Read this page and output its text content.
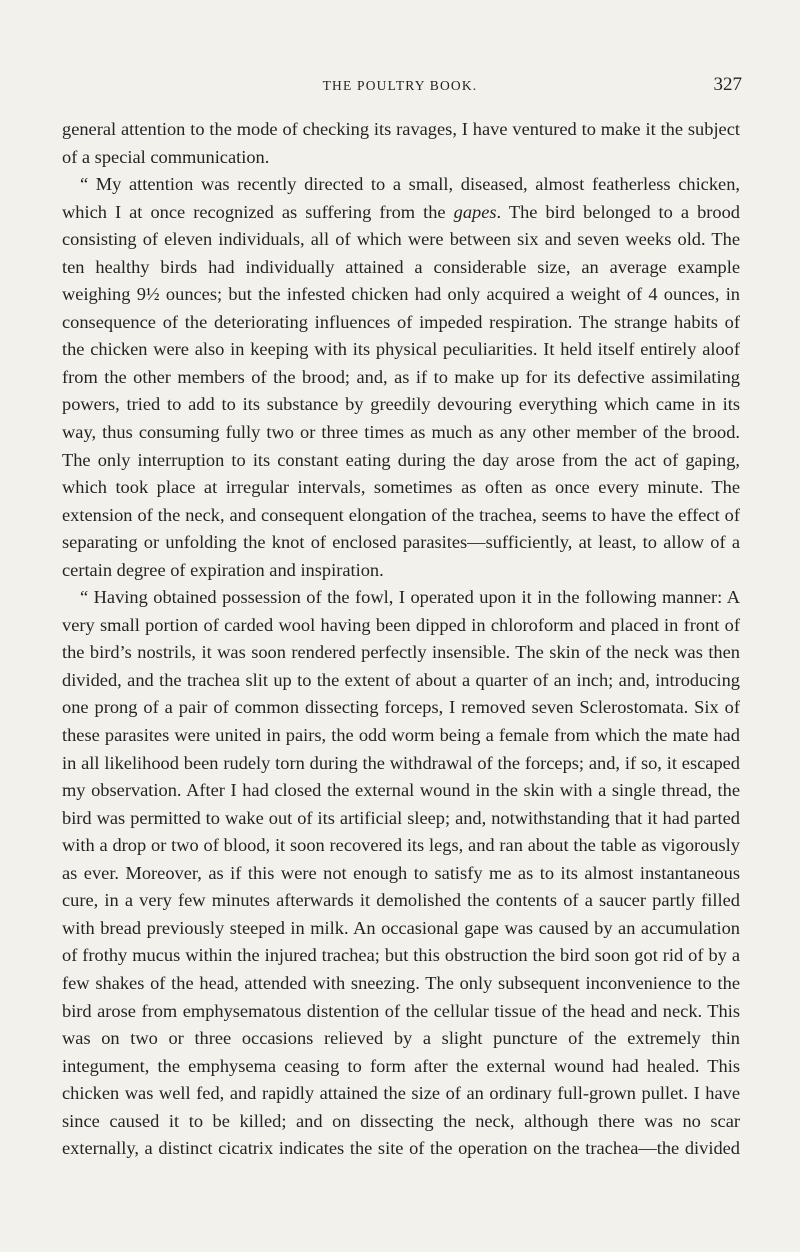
THE POULTRY BOOK.	327

general attention to the mode of checking its ravages, I have ventured to make it the subject of a special communication.

“ My attention was recently directed to a small, diseased, almost featherless chicken, which I at once recognized as suffering from the gapes. The bird belonged to a brood consisting of eleven individuals, all of which were between six and seven weeks old. The ten healthy birds had individually attained a considerable size, an average example weighing 9½ ounces; but the infested chicken had only acquired a weight of 4 ounces, in consequence of the deteriorating influences of impeded respiration. The strange habits of the chicken were also in keeping with its physical peculiarities. It held itself entirely aloof from the other members of the brood; and, as if to make up for its defective assimilating powers, tried to add to its substance by greedily devouring everything which came in its way, thus consuming fully two or three times as much as any other member of the brood. The only interruption to its constant eating during the day arose from the act of gaping, which took place at irregular intervals, sometimes as often as once every minute. The extension of the neck, and consequent elongation of the trachea, seems to have the effect of separating or unfolding the knot of enclosed parasites—sufficiently, at least, to allow of a certain degree of expiration and inspiration.

“ Having obtained possession of the fowl, I operated upon it in the following manner: A very small portion of carded wool having been dipped in chloroform and placed in front of the bird’s nostrils, it was soon rendered perfectly insensible. The skin of the neck was then divided, and the trachea slit up to the extent of about a quarter of an inch; and, introducing one prong of a pair of common dissecting forceps, I removed seven Sclerostomata. Six of these parasites were united in pairs, the odd worm being a female from which the mate had in all likelihood been rudely torn during the withdrawal of the forceps; and, if so, it escaped my observation. After I had closed the external wound in the skin with a single thread, the bird was permitted to wake out of its artificial sleep; and, notwithstanding that it had parted with a drop or two of blood, it soon recovered its legs, and ran about the table as vigorously as ever. Moreover, as if this were not enough to satisfy me as to its almost instantaneous cure, in a very few minutes afterwards it demolished the contents of a saucer partly filled with bread previously steeped in milk. An occasional gape was caused by an accumulation of frothy mucus within the injured trachea; but this obstruction the bird soon got rid of by a few shakes of the head, attended with sneezing. The only subsequent inconvenience to the bird arose from emphysematous distention of the cellular tissue of the head and neck. This was on two or three occasions relieved by a slight puncture of the extremely thin integument, the emphysema ceasing to form after the external wound had healed. This chicken was well fed, and rapidly attained the size of an ordinary full-grown pullet. I have since caused it to be killed; and on dissecting the neck, although there was no scar externally, a distinct cicatrix indicates the site of the operation on the trachea—the divided
